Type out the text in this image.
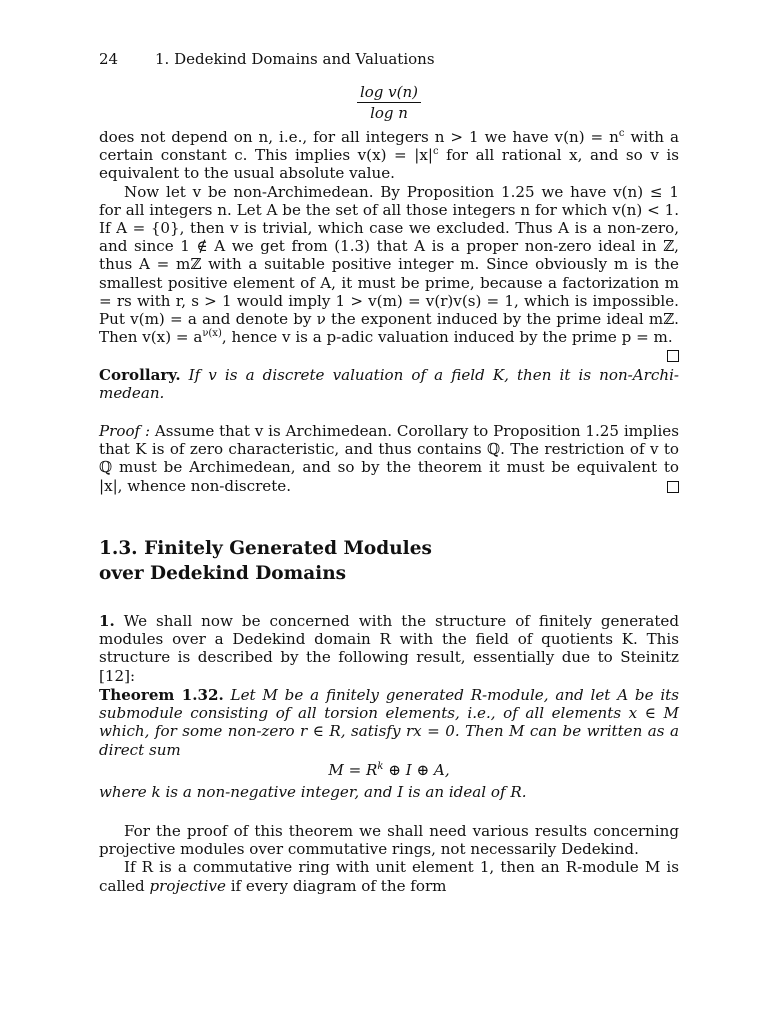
24 1. Dedekind Domains and Valuations
$\frac{\text{log v(n)}}{\text{log n}}$

does not depend on n, i.e., for all integers n > 1 we have $v(n) = n^c$ with a certain constant c. This implies $v(x) = |x|^c$ for all rational x, and so v is equivalent to the usual absolute value.

Now let v be non-Archimedean. By Proposition 1.25 we have v(n) ≤ 1 for all integers n. Let A be the set of all those integers n for which v(n) < 1. If A = {0}, then v is trivial, which case we excluded. Thus A is a non-zero, and since 1 ∉ A we get from (1.3) that A is a proper non-zero ideal in ℤ, thus A = mℤ with a suitable positive integer m. Since obviously m is the smallest positive element of A, it must be prime, because a factorization m = rs with r, s > 1 would imply 1 > v(m) = v(r)v(s) = 1, which is impossible. Put v(m) = a and denote by ν the exponent induced by the prime ideal mℤ. Then $v(x) = a^{\nu(x)}$, hence v is a p-adic valuation induced by the prime p = m.

Corollary. If v is a discrete valuation of a field K, then it is non-Archi- medean.

Proof : Assume that v is Archimedean. Corollary to Proposition 1.25 implies that K is of zero characteristic, and thus contains ℚ. The restriction of v to ℚ must be Archimedean, and so by the theorem it must be equivalent to |x|, whence non-discrete.

1.3. Finitely Generated Modules
over Dedekind Domains

1. We shall now be concerned with the structure of finitely generated modules over a Dedekind domain R with the field of quotients K. This structure is described by the following result, essentially due to Steinitz [12]:

Theorem 1.32. Let M be a finitely generated R-module, and let A be its submodule consisting of all torsion elements, i.e., of all elements x ∈ M which, for some non-zero r ∈ R, satisfy rx = 0. Then M can be written as a direct sum

$M = R^k$ ⊕ I ⊕ A,

where k is a non-negative integer, and I is an ideal of R.

For the proof of this theorem we shall need various results concerning projective modules over commutative rings, not necessarily Dedekind.

If R is a commutative ring with unit element 1, then an R-module M is called projective if every diagram of the form
